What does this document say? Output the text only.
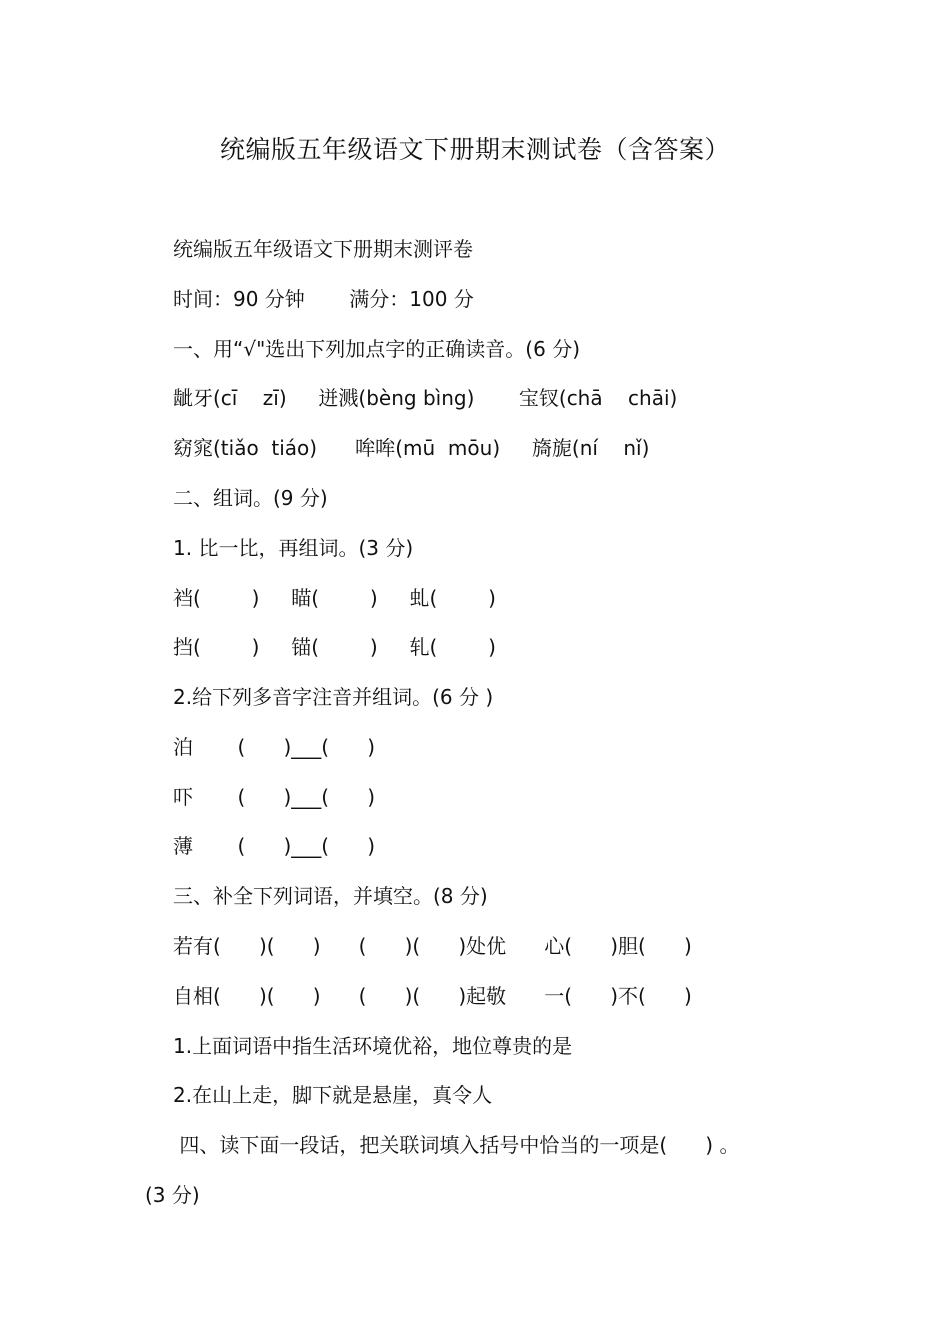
统编版五年级语文下册期末测试卷（含答案）
统编版五年级语文下册期末测评卷
时间：90 分钟       满分：100 分
一、用“√"选出下列加点字的正确读音。(6 分)
龇牙(cī    zī)     迸溅(bèng bìng)       宝钗(chā    chāi)
窈窕(tiǎo  tiáo)      哞哞(mū  mōu)     旖旎(ní    nǐ)
二、组词。(9 分)
1. 比一比，再组词。(3 分)
裆(        )     瞄(        )     虬(        )
挡(        )     锚(        )     轧(        )
2.给下列多音字注音并组词。(6 分 )
泊       (      )___(      )
吓       (      )___(      )
薄       (      )___(      )
三、补全下列词语，并填空。(8 分)
若有(      )(      )      (      )(      )处优      心(      )胆(      )
自相(      )(      )      (      )(      )起敬      一(      )不(      )
1.上面词语中指生活环境优裕，地位尊贵的是
2.在山上走，脚下就是悬崖，真令人
四、读下面一段话，把关联词填入括号中恰当的一项是(      ) 。
(3 分)
